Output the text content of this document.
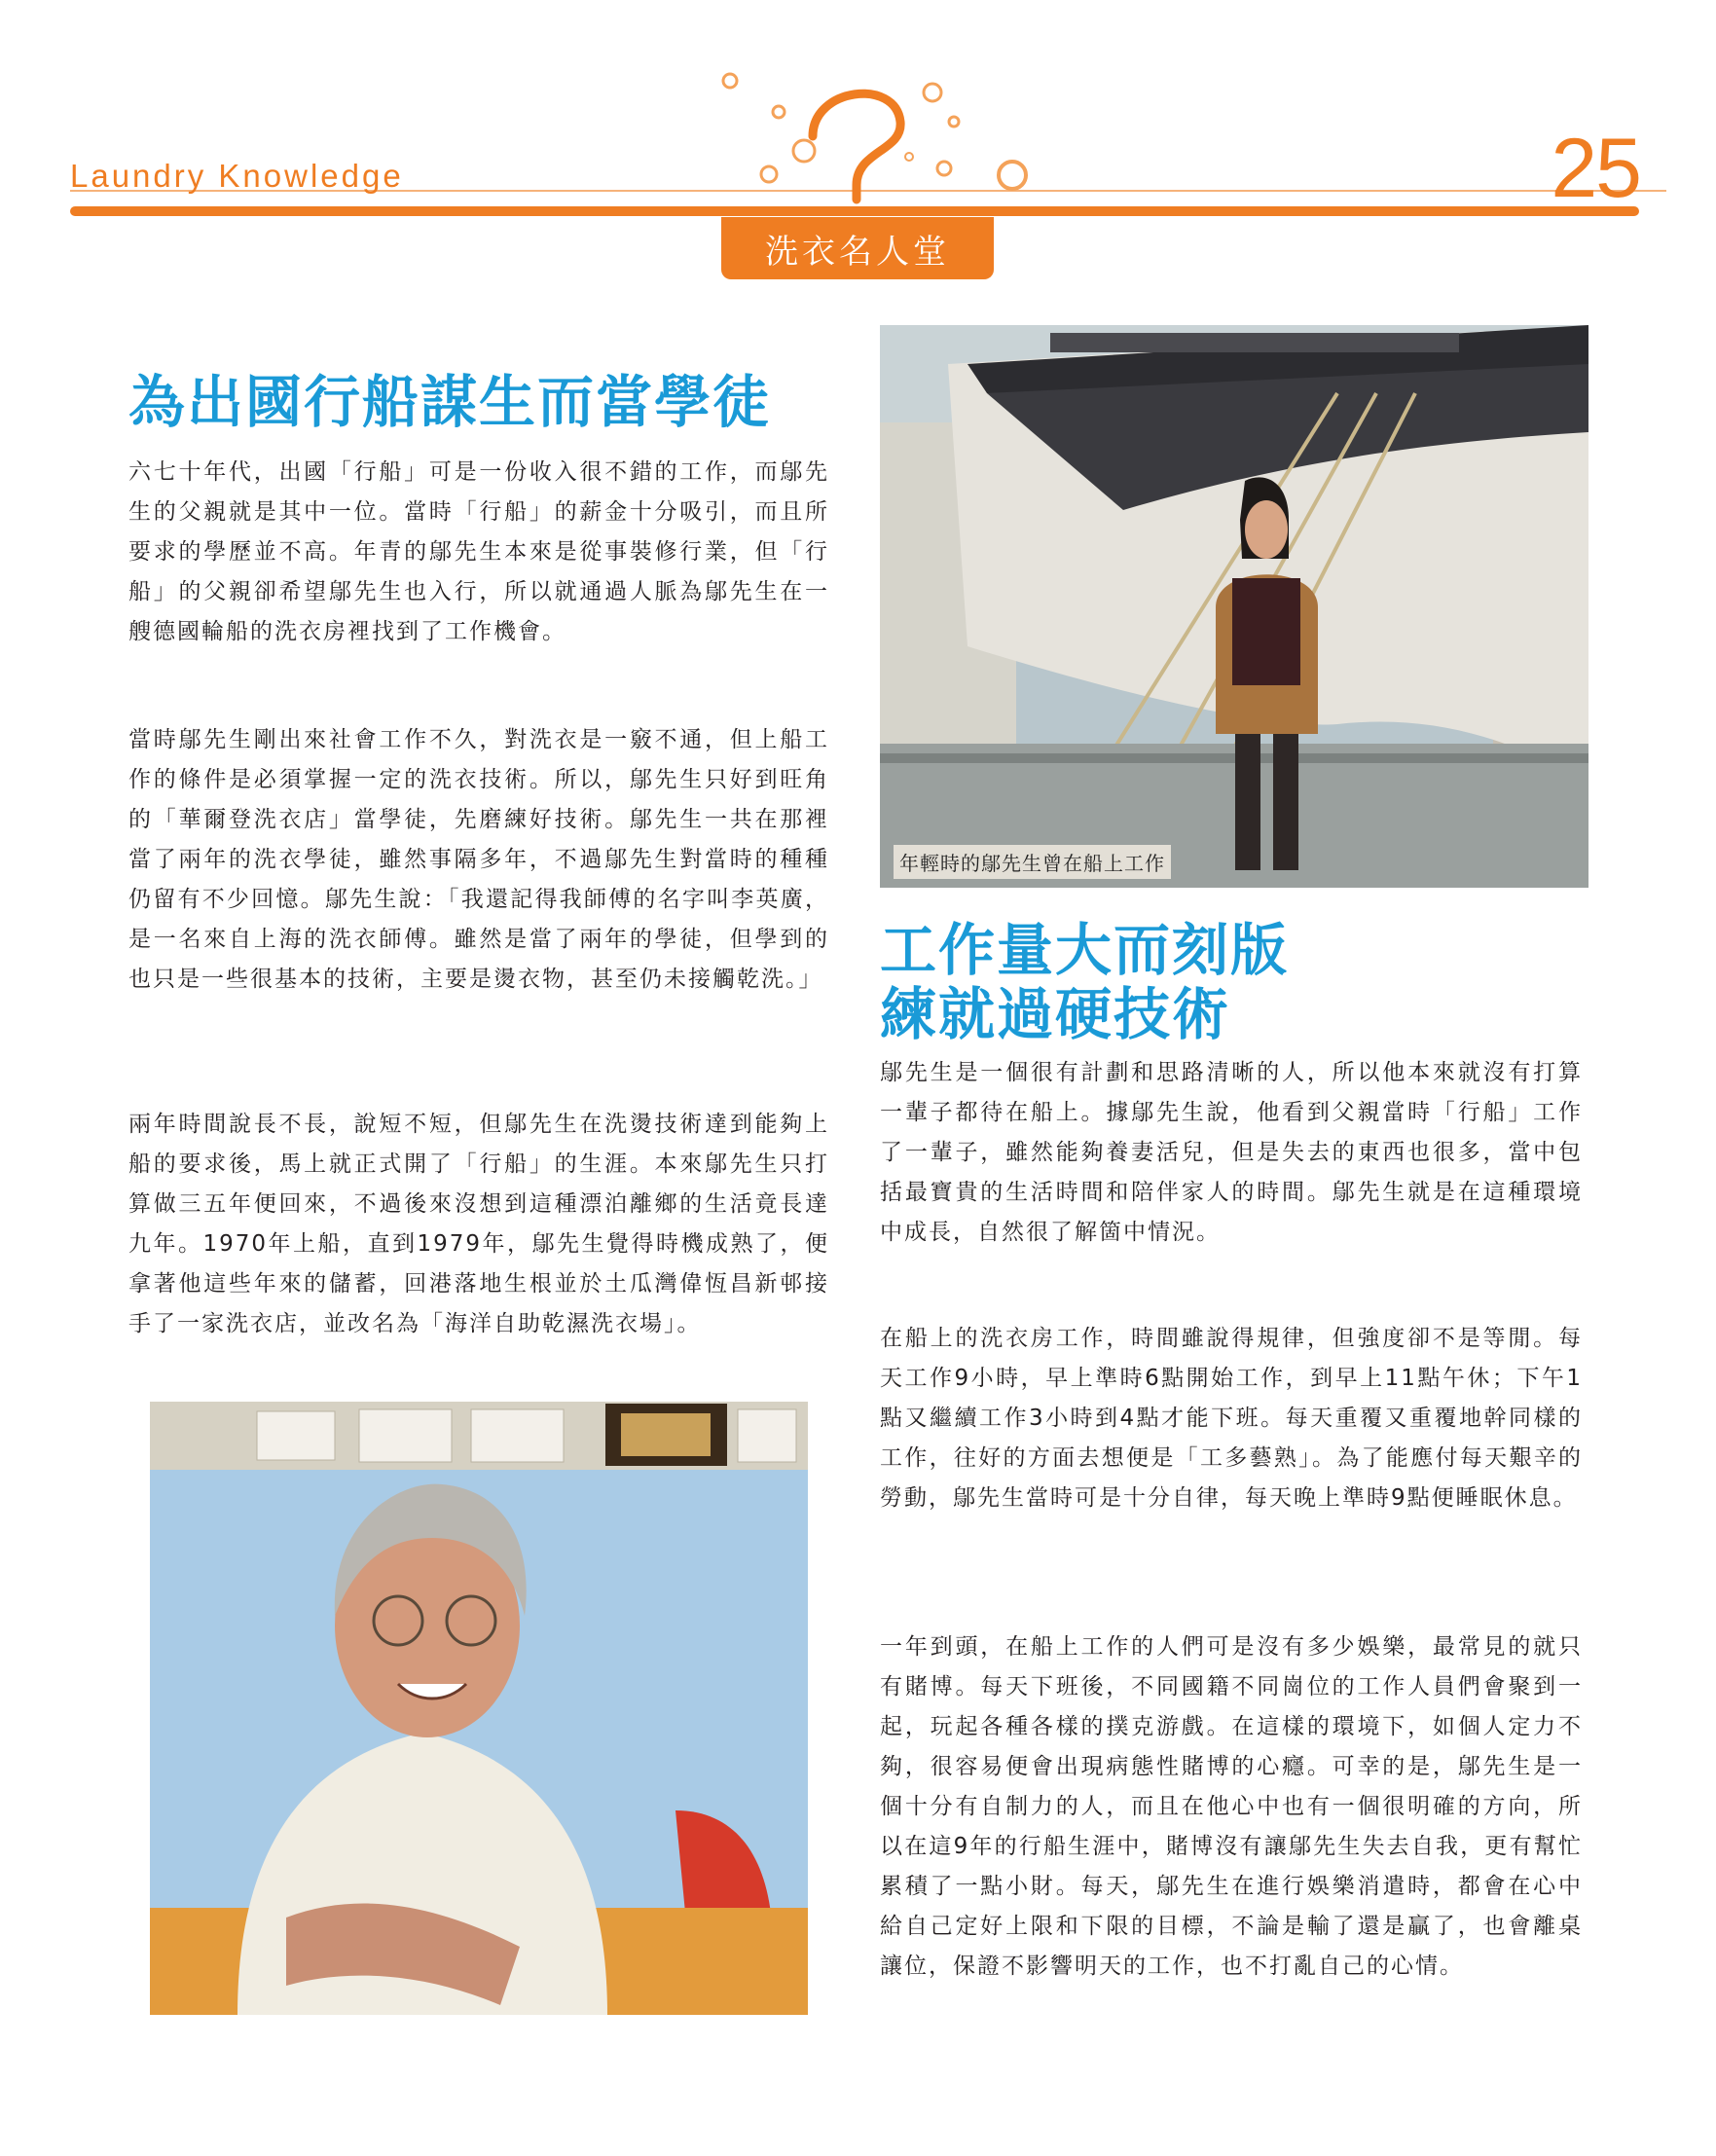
Laundry Knowledge	25
洗衣名人堂
為出國行船謀生而當學徒

六七十年代，出國「行船」可是一份收入很不錯的工作，而鄔先生的父親就是其中一位。當時「行船」的薪金十分吸引，而且所要求的學歷並不高。年青的鄔先生本來是從事裝修行業，但「行船」的父親卻希望鄔先生也入行，所以就通過人脈為鄔先生在一艘德國輪船的洗衣房裡找到了工作機會。

當時鄔先生剛出來社會工作不久，對洗衣是一竅不通，但上船工作的條件是必須掌握一定的洗衣技術。所以，鄔先生只好到旺角的「華爾登洗衣店」當學徒，先磨練好技術。鄔先生一共在那裡當了兩年的洗衣學徒，雖然事隔多年，不過鄔先生對當時的種種仍留有不少回憶。鄔先生說：「我還記得我師傅的名字叫李英廣，是一名來自上海的洗衣師傅。雖然是當了兩年的學徒，但學到的也只是一些很基本的技術，主要是燙衣物，甚至仍未接觸乾洗。」

兩年時間說長不長，說短不短，但鄔先生在洗燙技術達到能夠上船的要求後，馬上就正式開了「行船」的生涯。本來鄔先生只打算做三五年便回來，不過後來沒想到這種漂泊離鄉的生活竟長達九年。1970年上船，直到1979年，鄔先生覺得時機成熟了，便拿著他這些年來的儲蓄，回港落地生根並於土瓜灣偉恆昌新邨接手了一家洗衣店，並改名為「海洋自助乾濕洗衣場」。

年輕時的鄔先生曾在船上工作
工作量大而刻版
練就過硬技術

鄔先生是一個很有計劃和思路清晰的人，所以他本來就沒有打算一輩子都待在船上。據鄔先生說，他看到父親當時「行船」工作了一輩子，雖然能夠養妻活兒，但是失去的東西也很多，當中包括最寶貴的生活時間和陪伴家人的時間。鄔先生就是在這種環境中成長，自然很了解箇中情況。

在船上的洗衣房工作，時間雖說得規律，但強度卻不是等閒。每天工作9小時，早上準時6點開始工作，到早上11點午休；下午1點又繼續工作3小時到4點才能下班。每天重覆又重覆地幹同樣的工作，往好的方面去想便是「工多藝熟」。為了能應付每天艱辛的勞動，鄔先生當時可是十分自律，每天晚上準時9點便睡眠休息。

一年到頭，在船上工作的人們可是沒有多少娛樂，最常見的就只有賭博。每天下班後，不同國籍不同崗位的工作人員們會聚到一起，玩起各種各樣的撲克游戲。在這樣的環境下，如個人定力不夠，很容易便會出現病態性賭博的心癮。可幸的是，鄔先生是一個十分有自制力的人，而且在他心中也有一個很明確的方向，所以在這9年的行船生涯中，賭博沒有讓鄔先生失去自我，更有幫忙累積了一點小財。每天，鄔先生在進行娛樂消遣時，都會在心中給自己定好上限和下限的目標，不論是輸了還是贏了，也會離桌讓位，保證不影響明天的工作，也不打亂自己的心情。
